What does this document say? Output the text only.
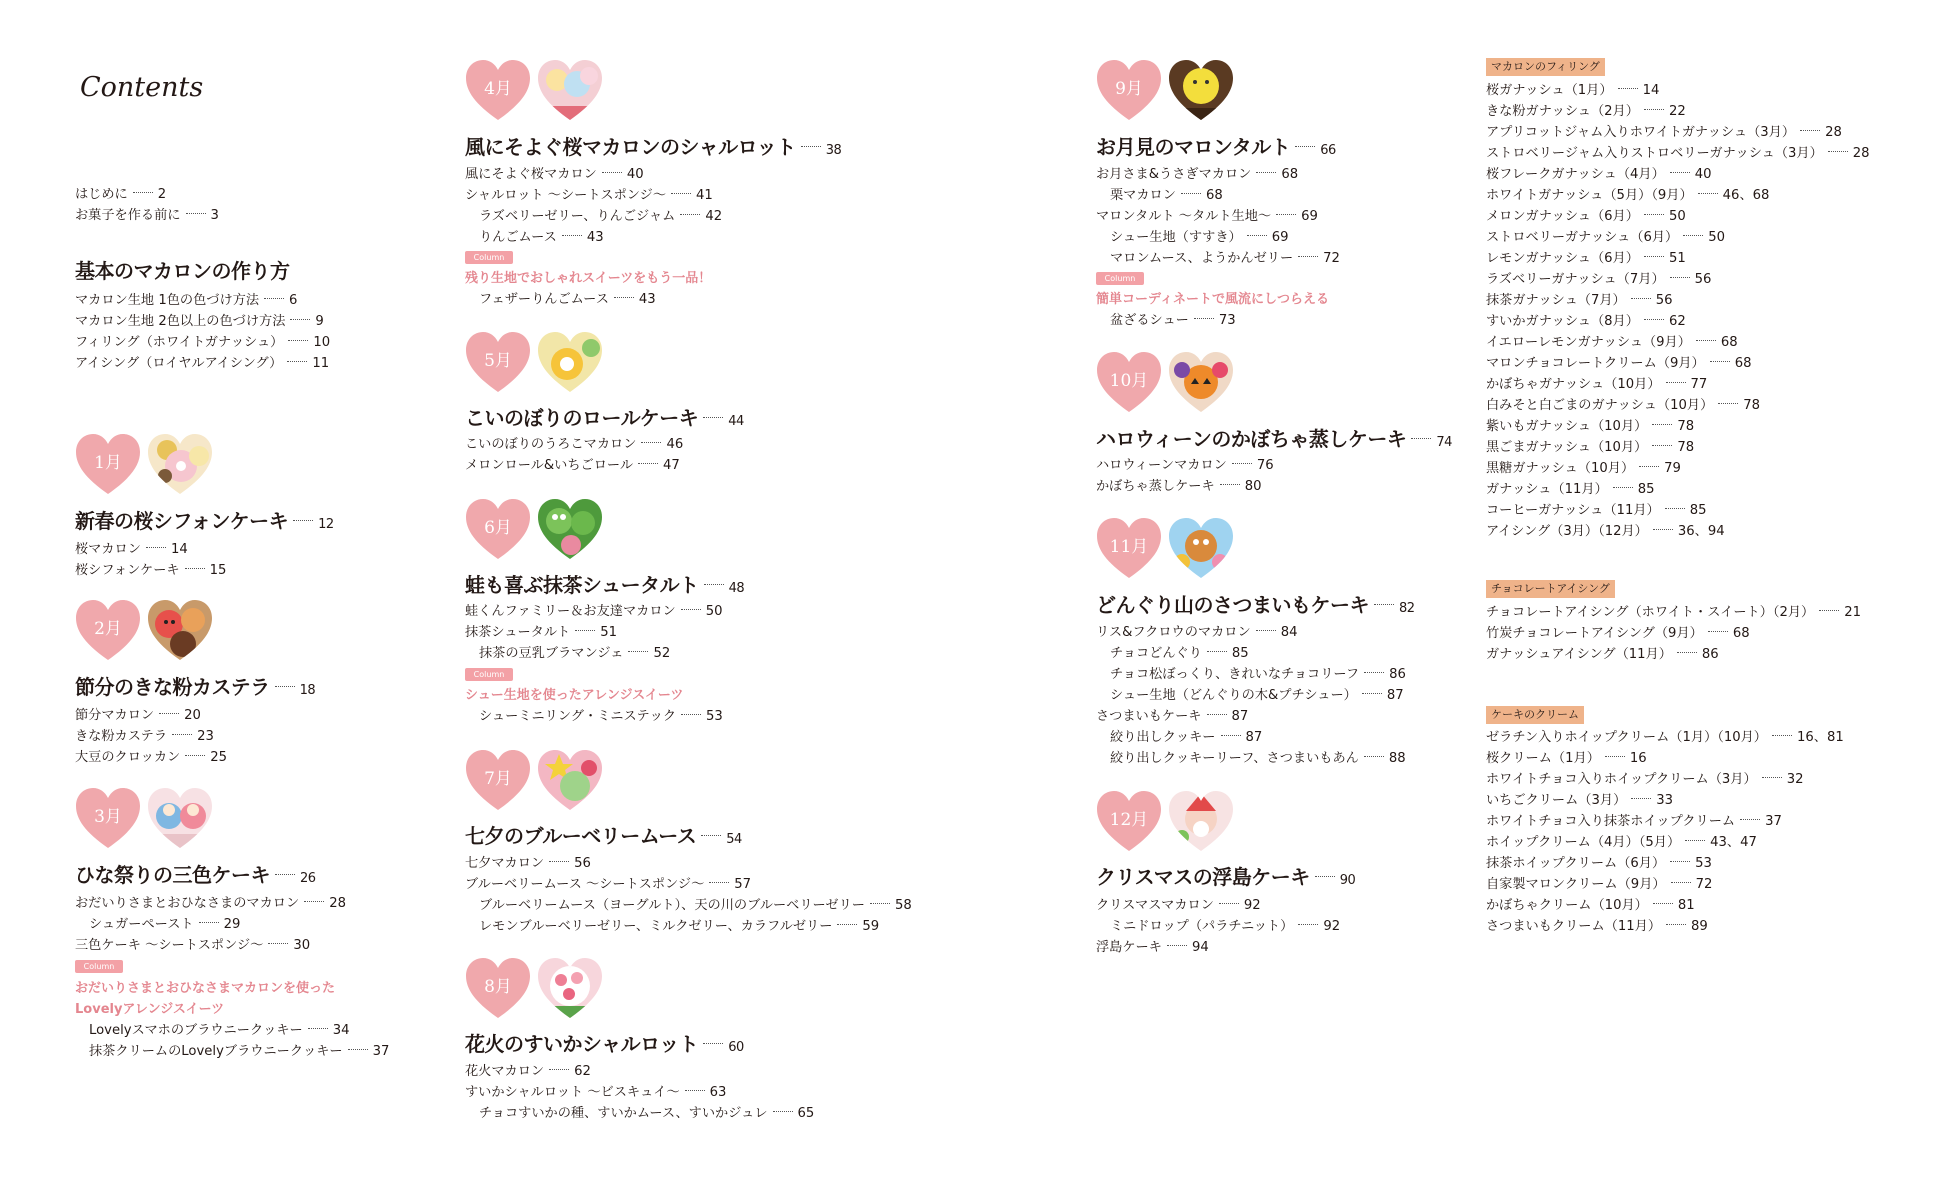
Contents
はじめに 2
お菓子を作る前に 3
基本のマカロンの作り方
マカロン生地 1色の色づけ方法 6
マカロン生地 2色以上の色づけ方法 9
フィリング（ホワイトガナッシュ） 10
アイシング（ロイヤルアイシング） 11
1月
新春の桜シフォンケーキ 12
桜マカロン 14
桜シフォンケーキ 15
2月
節分のきな粉カステラ 18
節分マカロン 20
きな粉カステラ 23
大豆のクロッカン 25
3月
ひな祭りの三色ケーキ 26
おだいりさまとおひなさまのマカロン 28
シュガーペースト 29
三色ケーキ ～シートスポンジ～ 30
Column
おだいりさまとおひなさまマカロンを使った
Lovelyアレンジスイーツ
Lovelyスマホのブラウニークッキー 34
抹茶クリームのLovelyブラウニークッキー 37
4月
風にそよぐ桜マカロンのシャルロット 38
風にそよぐ桜マカロン 40
シャルロット ～シートスポンジ～ 41
ラズベリーゼリー、りんごジャム 42
りんごムース 43
Column
残り生地でおしゃれスイーツをもう一品！
フェザーりんごムース 43
5月
こいのぼりのロールケーキ 44
こいのぼりのうろこマカロン 46
メロンロール&いちごロール 47
6月
蛙も喜ぶ抹茶シュータルト 48
蛙くんファミリー＆お友達マカロン 50
抹茶シュータルト 51
抹茶の豆乳ブラマンジェ 52
Column
シュー生地を使ったアレンジスイーツ
シューミニリング・ミニステック 53
7月
七夕のブルーベリームース 54
七夕マカロン 56
ブルーベリームース ～シートスポンジ～ 57
ブルーベリームース（ヨーグルト）、天の川のブルーベリーゼリー 58
レモンブルーベリーゼリー、ミルクゼリー、カラフルゼリー 59
8月
花火のすいかシャルロット 60
花火マカロン 62
すいかシャルロット ～ビスキュイ～ 63
チョコすいかの種、すいかムース、すいかジュレ 65
9月
お月見のマロンタルト 66
お月さま&うさぎマカロン 68
栗マカロン 68
マロンタルト ～タルト生地～ 69
シュー生地（すすき） 69
マロンムース、ようかんゼリー 72
Column
簡単コーディネートで風流にしつらえる
盆ざるシュー 73
10月
ハロウィーンのかぼちゃ蒸しケーキ 74
ハロウィーンマカロン 76
かぼちゃ蒸しケーキ 80
11月
どんぐり山のさつまいもケーキ 82
リス&フクロウのマカロン 84
チョコどんぐり 85
チョコ松ぼっくり、きれいなチョコリーフ 86
シュー生地（どんぐりの木&プチシュー） 87
さつまいもケーキ 87
絞り出しクッキー 87
絞り出しクッキーリーフ、さつまいもあん 88
12月
クリスマスの浮島ケーキ 90
クリスマスマカロン 92
ミニドロップ（パラチニット） 92
浮島ケーキ 94
マカロンのフィリング
桜ガナッシュ（1月） 14
きな粉ガナッシュ（2月） 22
アプリコットジャム入りホワイトガナッシュ（3月） 28
ストロベリージャム入りストロベリーガナッシュ（3月） 28
桜フレークガナッシュ（4月） 40
ホワイトガナッシュ（5月）（9月） 46、68
メロンガナッシュ（6月） 50
ストロベリーガナッシュ（6月） 50
レモンガナッシュ（6月） 51
ラズベリーガナッシュ（7月） 56
抹茶ガナッシュ（7月） 56
すいかガナッシュ（8月） 62
イエローレモンガナッシュ（9月） 68
マロンチョコレートクリーム（9月） 68
かぼちゃガナッシュ（10月） 77
白みそと白ごまのガナッシュ（10月） 78
紫いもガナッシュ（10月） 78
黒ごまガナッシュ（10月） 78
黒糖ガナッシュ（10月） 79
ガナッシュ（11月） 85
コーヒーガナッシュ（11月） 85
アイシング（3月）（12月） 36、94
チョコレートアイシング
チョコレートアイシング（ホワイト・スイート）（2月） 21
竹炭チョコレートアイシング（9月） 68
ガナッシュアイシング（11月） 86
ケーキのクリーム
ゼラチン入りホイップクリーム（1月）（10月） 16、81
桜クリーム（1月） 16
ホワイトチョコ入りホイップクリーム（3月） 32
いちごクリーム（3月） 33
ホワイトチョコ入り抹茶ホイップクリーム 37
ホイップクリーム（4月）（5月） 43、47
抹茶ホイップクリーム（6月） 53
自家製マロンクリーム（9月） 72
かぼちゃクリーム（10月） 81
さつまいもクリーム（11月） 89
